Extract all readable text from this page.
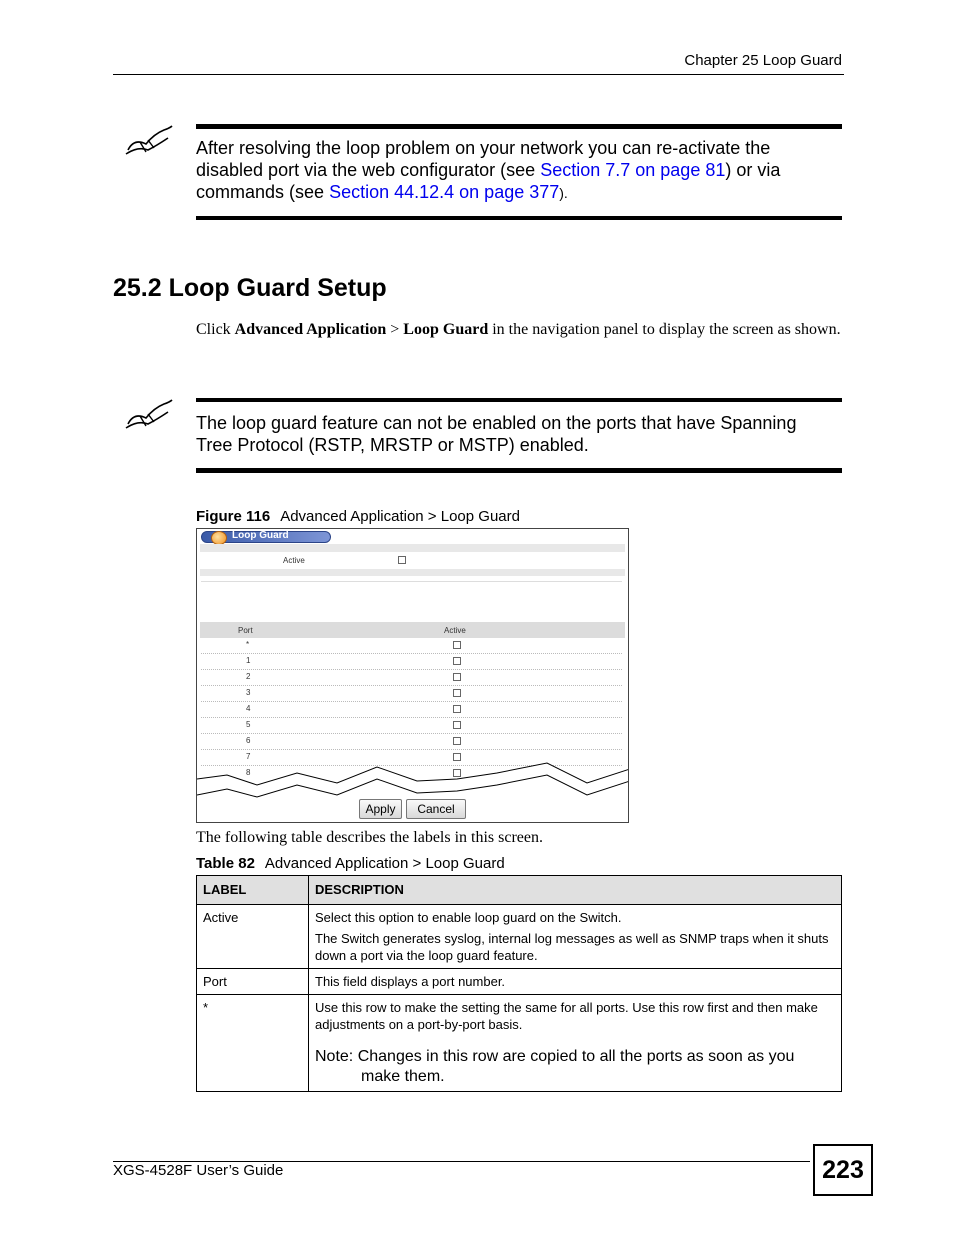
Chapter 25 Loop Guard
After resolving the loop problem on your network you can re-activate the disabled port via the web configurator (see Section 7.7 on page 81) or via commands (see Section 44.12.4 on page 377).
25.2 Loop Guard Setup
Click Advanced Application > Loop Guard in the navigation panel to display the screen as shown.
The loop guard feature can not be enabled on the ports that have Spanning Tree Protocol (RSTP, MRSTP or MSTP) enabled.
Figure 116 Advanced Application > Loop Guard
Loop Guard
Active
Port	Active
*
1
2
3
4
5
6
7
8
Apply	Cancel
The following table describes the labels in this screen.
Table 82 Advanced Application > Loop Guard
LABEL	DESCRIPTION
Active	Select this option to enable loop guard on the Switch.

The Switch generates syslog, internal log messages as well as SNMP traps when it shuts down a port via the loop guard feature.

Port	This field displays a port number.
*	Use this row to make the setting the same for all ports. Use this row first and then make adjustments on a port-by-port basis.

Note: Changes in this row are copied to all the ports as soon as you
make them.
XGS-4528F User’s Guide	223
